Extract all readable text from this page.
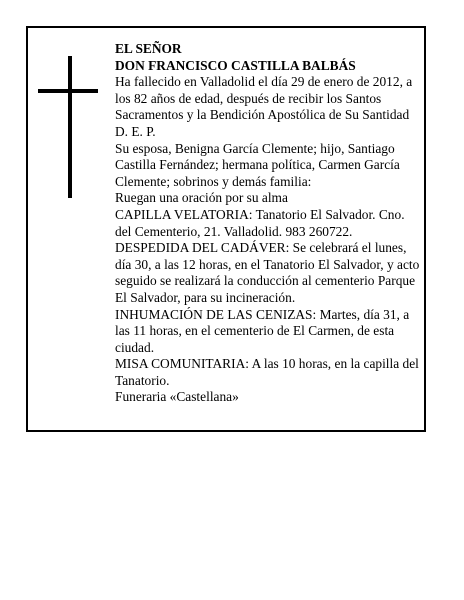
EL SEÑOR

DON FRANCISCO CASTILLA BALBÁS

Ha fallecido en Valladolid el día 29 de enero de 2012, a los 82 años de edad, después de recibir los Santos Sacramentos y la Bendición Apostólica de Su Santidad D. E. P.

Su esposa, Benigna García Clemente; hijo, Santiago Castilla Fernández; hermana política, Carmen García Clemente; sobrinos y demás familia:

Ruegan una oración por su alma

CAPILLA VELATORIA: Tanatorio El Salvador. Cno. del Cementerio, 21. Valladolid. 983 260722.

DESPEDIDA DEL CADÁVER: Se celebrará el lunes, día 30, a las 12 horas, en el Tanatorio El Salvador, y acto seguido se realizará la conducción al cementerio Parque El Salvador, para su incineración.

INHUMACIÓN DE LAS CENIZAS: Martes, día 31, a las 11 horas, en el cementerio de El Carmen, de esta ciudad.

MISA COMUNITARIA: A las 10 horas, en la capilla del Tanatorio.

Funeraria «Castellana»
